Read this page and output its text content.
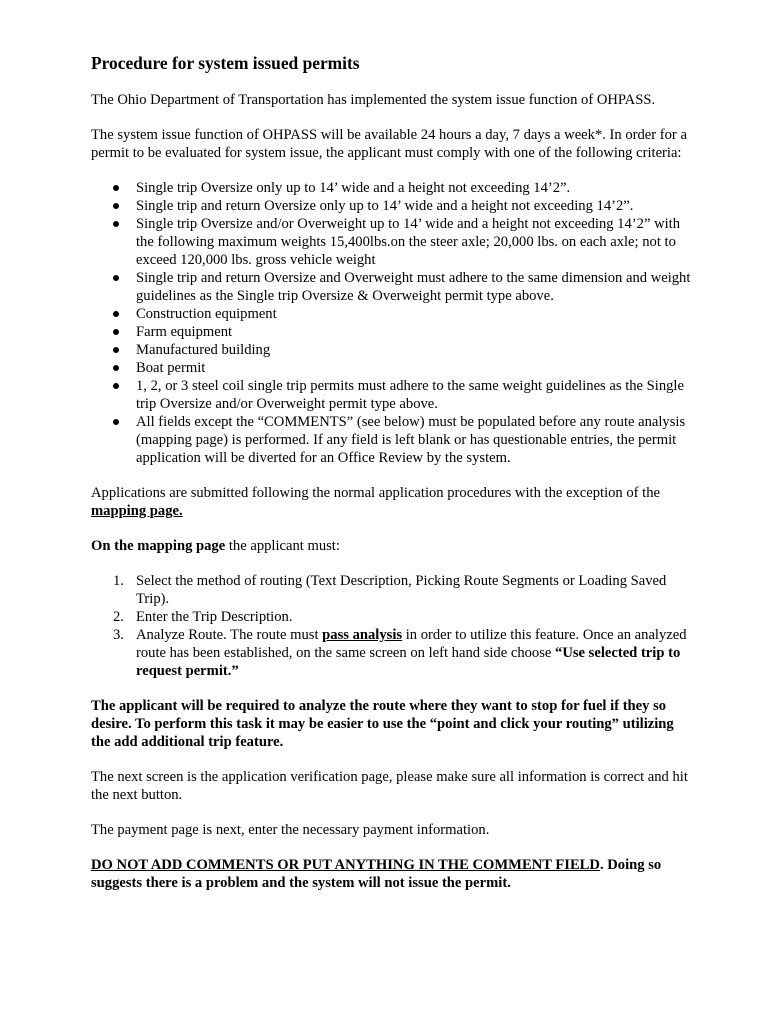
Procedure for system issued permits

The Ohio Department of Transportation has implemented the system issue function of OHPASS.

The system issue function of OHPASS will be available 24 hours a day, 7 days a week*. In order for a permit to be evaluated for system issue, the applicant must comply with one of the following criteria:

Single trip Oversize only up to 14’ wide and a height not exceeding 14’2”.
Single trip and return Oversize only up to 14’ wide and a height not exceeding 14’2”.
Single trip Oversize and/or Overweight up to 14’ wide and a height not exceeding 14’2” with the following maximum weights 15,400lbs.on the steer axle; 20,000 lbs. on each axle; not to exceed 120,000 lbs. gross vehicle weight
Single trip and return Oversize and Overweight must adhere to the same dimension and weight guidelines as the Single trip Oversize & Overweight permit type above.
Construction equipment
Farm equipment
Manufactured building
Boat permit
1, 2, or 3 steel coil single trip permits must adhere to the same weight guidelines as the Single trip Oversize and/or Overweight permit type above.
All fields except the “COMMENTS” (see below) must be populated before any route analysis (mapping page) is performed. If any field is left blank or has questionable entries, the permit application will be diverted for an Office Review by the system.

Applications are submitted following the normal application procedures with the exception of the mapping page.

On the mapping page the applicant must:

1. Select the method of routing (Text Description, Picking Route Segments or Loading Saved Trip).
2. Enter the Trip Description.
3. Analyze Route. The route must pass analysis in order to utilize this feature. Once an analyzed route has been established, on the same screen on left hand side choose “Use selected trip to request permit.”

The applicant will be required to analyze the route where they want to stop for fuel if they so desire. To perform this task it may be easier to use the “point and click your routing” utilizing the add additional trip feature.

The next screen is the application verification page, please make sure all information is correct and hit the next button.

The payment page is next, enter the necessary payment information.

DO NOT ADD COMMENTS OR PUT ANYTHING IN THE COMMENT FIELD. Doing so suggests there is a problem and the system will not issue the permit.
